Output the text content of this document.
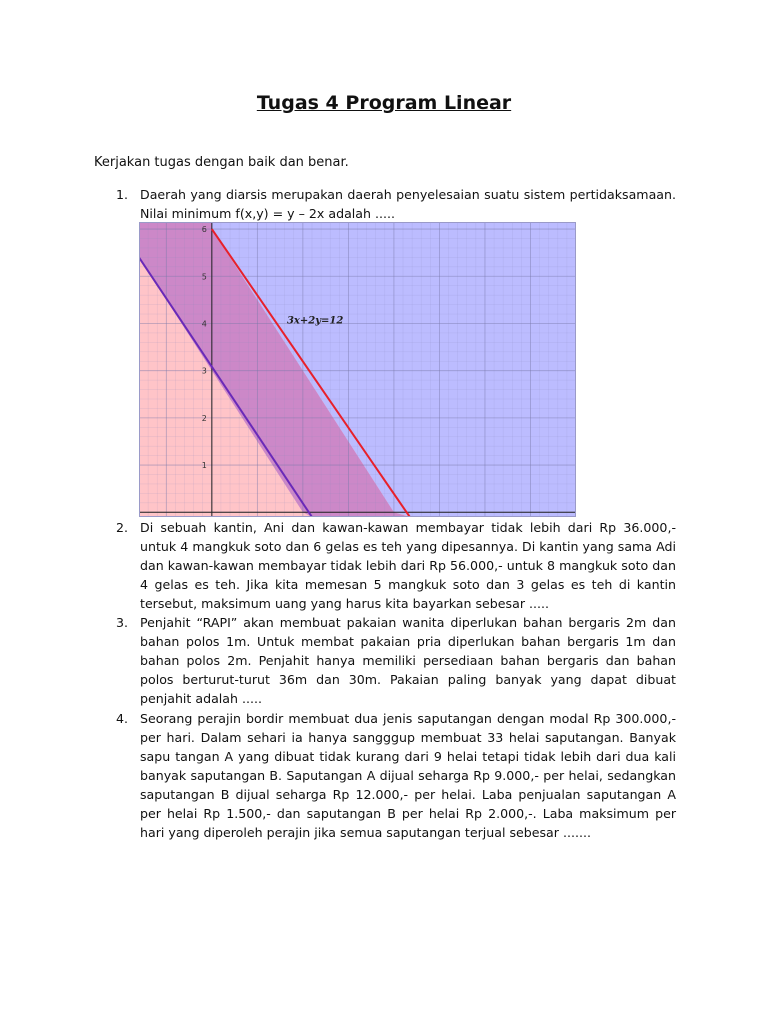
Tugas 4 Program Linear
Kerjakan tugas dengan baik dan benar.
1. Daerah yang diarsis merupakan daerah penyelesaian suatu sistem pertidaksamaan. Nilai minimum f(x,y) = y – 2x adalah .....
1
2
3
4
5
6
3x+2y=12
2. Di sebuah kantin, Ani dan kawan-kawan membayar tidak lebih dari Rp 36.000,- untuk 4 mangkuk soto dan 6 gelas es teh yang dipesannya. Di kantin yang sama Adi dan kawan-kawan membayar tidak lebih dari Rp 56.000,- untuk 8 mangkuk soto dan 4 gelas es teh. Jika kita memesan 5 mangkuk soto dan 3 gelas es teh di kantin tersebut, maksimum uang yang harus kita bayarkan sebesar .....
3. Penjahit “RAPI” akan membuat pakaian wanita diperlukan bahan bergaris 2m dan bahan polos 1m. Untuk membat pakaian pria diperlukan bahan bergaris 1m dan bahan polos 2m. Penjahit hanya memiliki persediaan bahan bergaris dan bahan polos berturut-turut 36m dan 30m. Pakaian paling banyak yang dapat dibuat penjahit adalah .....
4. Seorang perajin bordir membuat dua jenis saputangan dengan modal Rp 300.000,- per hari. Dalam sehari ia hanya sangggup membuat 33 helai saputangan. Banyak sapu tangan A yang dibuat tidak kurang dari 9 helai tetapi tidak lebih dari dua kali banyak saputangan B. Saputangan A dijual seharga Rp 9.000,- per helai, sedangkan saputangan B dijual seharga Rp 12.000,- per helai. Laba penjualan saputangan A per helai Rp 1.500,- dan saputangan B per helai Rp 2.000,-. Laba maksimum per hari yang diperoleh perajin jika semua saputangan terjual sebesar .......
